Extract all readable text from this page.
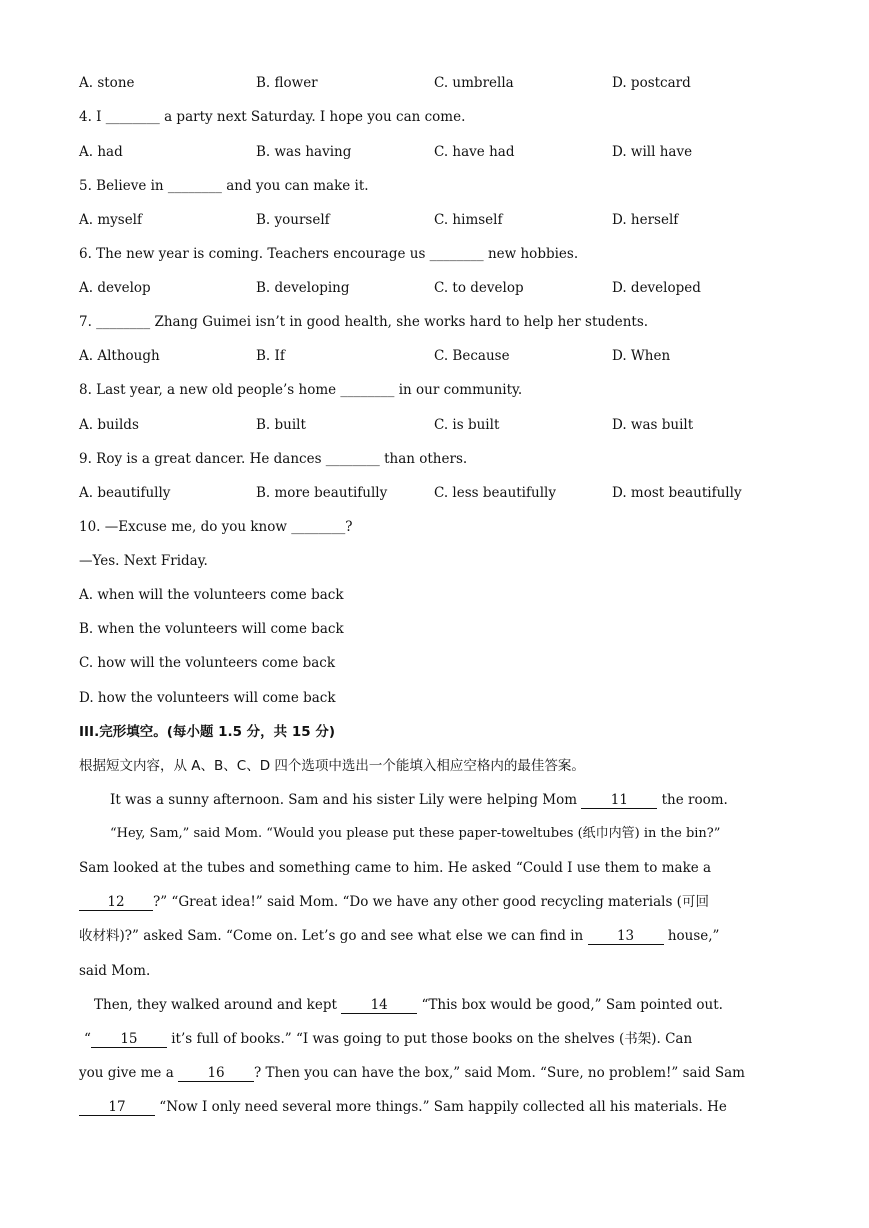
A. stone	B. flower	C. umbrella	D. postcard
4. I ________ a party next Saturday. I hope you can come.
A. had	B. was having	C. have had	D. will have
5. Believe in ________ and you can make it.
A. myself	B. yourself	C. himself	D. herself
6. The new year is coming. Teachers encourage us ________ new hobbies.
A. develop	B. developing	C. to develop	D. developed
7. ________ Zhang Guimei isn’t in good health, she works hard to help her students.
A. Although	B. If	C. Because	D. When
8. Last year, a new old people’s home ________ in our community.
A. builds	B. built	C. is built	D. was built
9. Roy is a great dancer. He dances ________ than others.
A. beautifully	B. more beautifully	C. less beautifully	D. most beautifully
10. —Excuse me, do you know ________?
—Yes. Next Friday.
A. when will the volunteers come back
B. when the volunteers will come back
C. how will the volunteers come back
D. how the volunteers will come back
III.完形填空。(每小题 1.5 分，共 15 分)
根据短文内容，从 A、B、C、D 四个选项中选出一个能填入相应空格内的最佳答案。
It was a sunny afternoon. Sam and his sister Lily were helping Mom 11 the room.
“Hey, Sam,” said Mom. “Would you please put these paper-toweltubes (纸巾内管) in the bin?”
Sam looked at the tubes and something came to him. He asked “Could I use them to make a
12 ?” “Great idea!” said Mom. “Do we have any other good recycling materials (可回
收材料)?” asked Sam. “Come on. Let’s go and see what else we can find in 13 house,”
said Mom.
Then, they walked around and kept 14 “This box would be good,” Sam pointed out.
“ 15 it’s full of books.” “I was going to put those books on the shelves (书架). Can
you give me a 16 ? Then you can have the box,” said Mom. “Sure, no problem!” said Sam
17 “Now I only need several more things.” Sam happily collected all his materials. He
